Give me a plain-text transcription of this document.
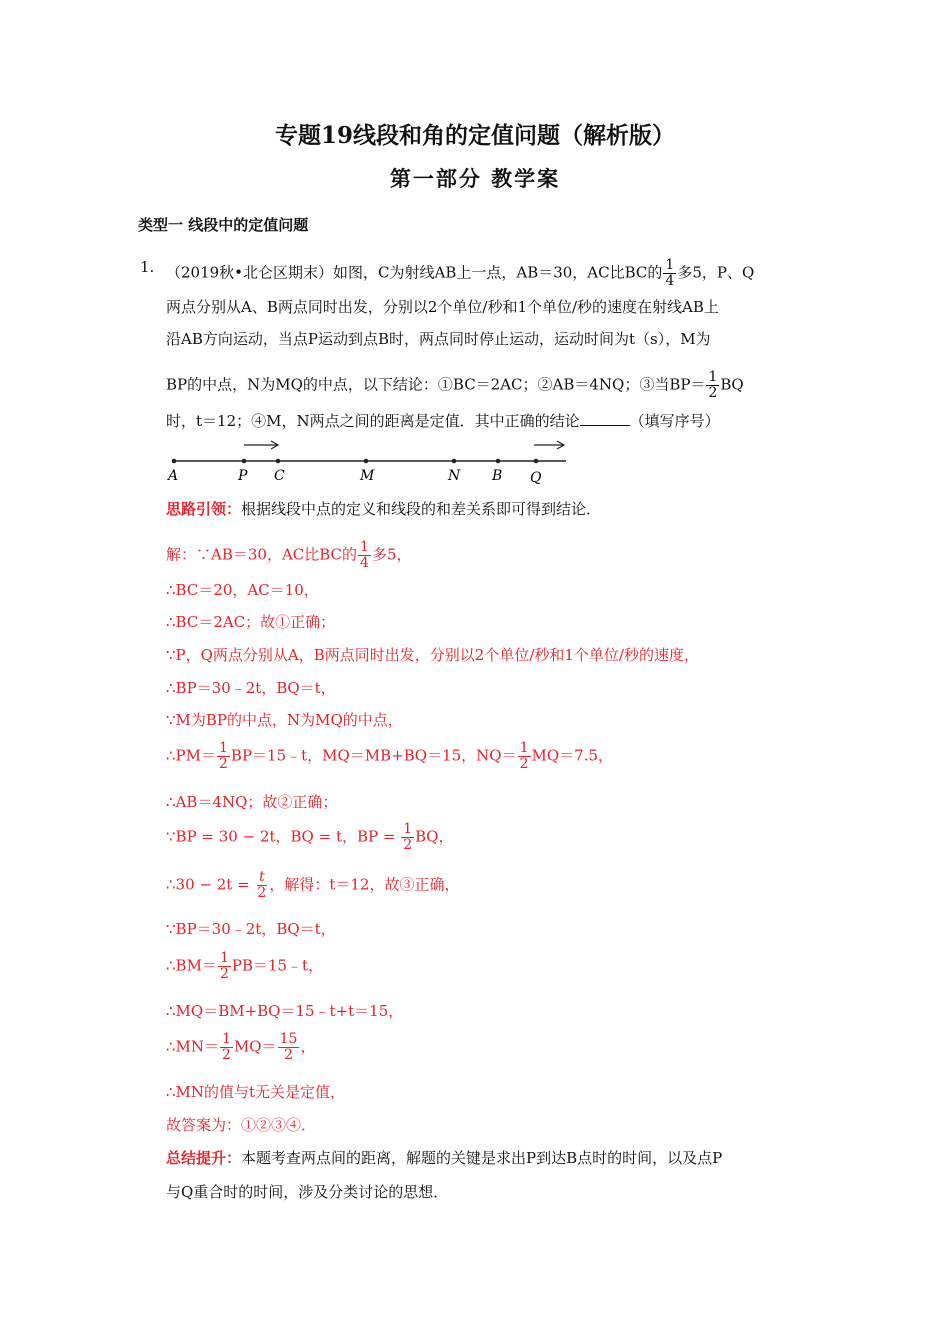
专题19线段和角的定值问题（解析版）
第一部分 教学案
类型一 线段中的定值问题
1. （2019秋•北仑区期末）如图，C为射线AB上一点，AB＝30，AC比BC的 $\frac{1}{4}$ 多5，P、Q
两点分别从A、B两点同时出发，分别以2个单位/秒和1个单位/秒的速度在射线AB上
沿AB方向运动，当点P运动到点B时，两点同时停止运动，运动时间为t（s），M为
BP的中点，N为MQ的中点，以下结论：①BC＝2AC；②AB＝4NQ；③当$BP= \frac{1}{2}$ BQ
时，t＝12；④M，N两点之间的距离是定值．其中正确的结论	（填写序号）
A	P C	M	N B Q
思路引领：根据线段中点的定义和线段的和差关系即可得到结论．
解：∵AB＝30，AC比BC的 $\frac{1}{4}$ 多5，
∴BC＝20，AC＝10，
∴BC＝2AC；故①正确；
∵P，Q两点分别从A，B两点同时出发，分别以2个单位/秒和1个单位/秒的速度，
∴BP＝30﹣2t，BQ＝t，
∵M为BP的中点，N为MQ的中点，
∴PM＝ $\frac{1}{2}$ BP＝15﹣t，MQ＝MB+BQ＝15，$NQ= \frac{1}{2} MQ=7.5$，
∴AB＝4NQ；故②正确；
∵BP = 30 − 2t，BQ = t，BP = $\frac{1}{2}$ BQ，
∴30 − $2t = \frac{t}{2}$ ，解得：t＝12，故③正确，
∵BP＝30﹣2t，BQ＝t，
∴BM＝ $\frac{1}{2}$ PB＝15﹣t，
∴MQ＝BM+BQ＝15﹣t+t＝15，
∴MN＝ $\frac{1}{2} MQ= \frac{15}{2}$ ，
∴MN的值与t无关是定值，
故答案为：①②③④．
总结提升：本题考查两点间的距离，解题的关键是求出P到达B点时的时间，以及点P
与Q重合时的时间，涉及分类讨论的思想．
